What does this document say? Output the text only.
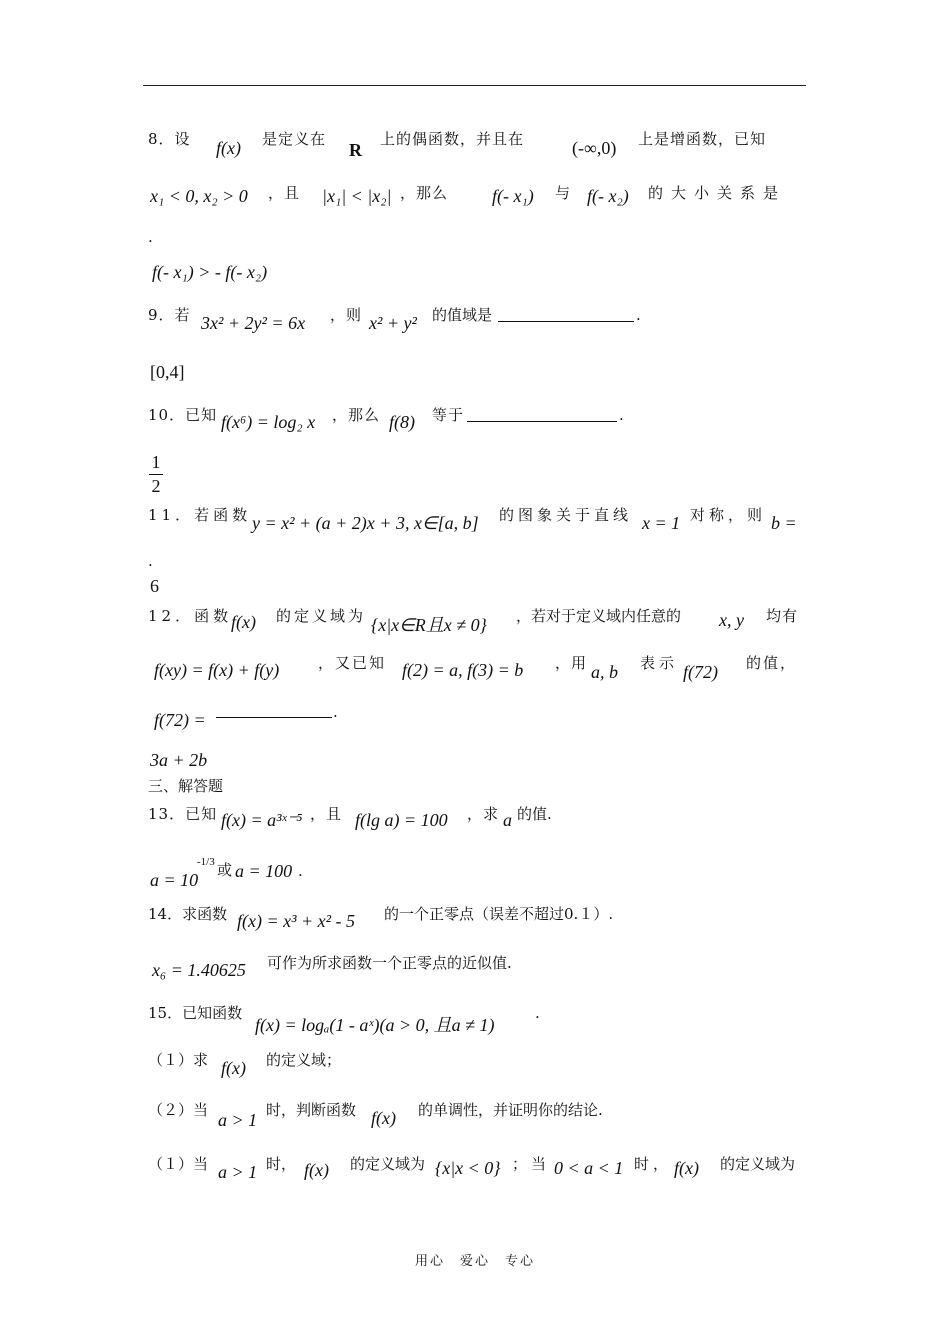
8．设 f(x) 是定义在
R
上的偶函数，并且在	(-∞,0) 上是增函数，已知
x₁ < 0, x₂ > 0 ，且 |x₁| < |x₂| ，那么 f(- x₁) 与 f(- x₂) 的大小关系是
.
f(- x₁) > - f(- x₂)
9．若 3x² + 2y² = 6x ，则 x² + y² 的值域是	.
[0,4]
10．已知 f(x⁶) = log₂ x ，那么 f(8) 等于	.
1
2
11．若函数 y = x² + (a + 2)x + 3, x∈[a, b] 的图象关于直线 x = 1 对称，则 b =
.
6
12．函数
f(x) 的定义域为 {x|x∈R且x ≠ 0} ，若对于定义域内任意的 x, y 均有
f(xy) = f(x) + f(y)	，又已知 f(2) = a, f(3) = b ，用 a, b 表示 f(72) 的值，
f(72) =	.
3a + 2b
三、解答题
13．已知 f(x) = a³ˣ⁻⁵ ，且 f(lg a) = 100 ，求 a 的值.
a = 10
-1/3 或 a = 100 .
14．求函数 f(x) = x³ + x² - 5 的一个正零点（误差不超过0.１）.
x₆ = 1.40625 可作为所求函数一个正零点的近似值.
15．已知函数
f(x) = logₐ(1 - aˣ)(a > 0, 且a ≠ 1)
.
（１）求 f(x) 的定义域；
（２）当 a > 1 时，判断函数 f(x) 的单调性，并证明你的结论.
（１）当 a > 1 时， f(x) 的定义域为 {x|x < 0} ；当 0 < a < 1 时， f(x) 的定义域为
用心　爱心　专心
